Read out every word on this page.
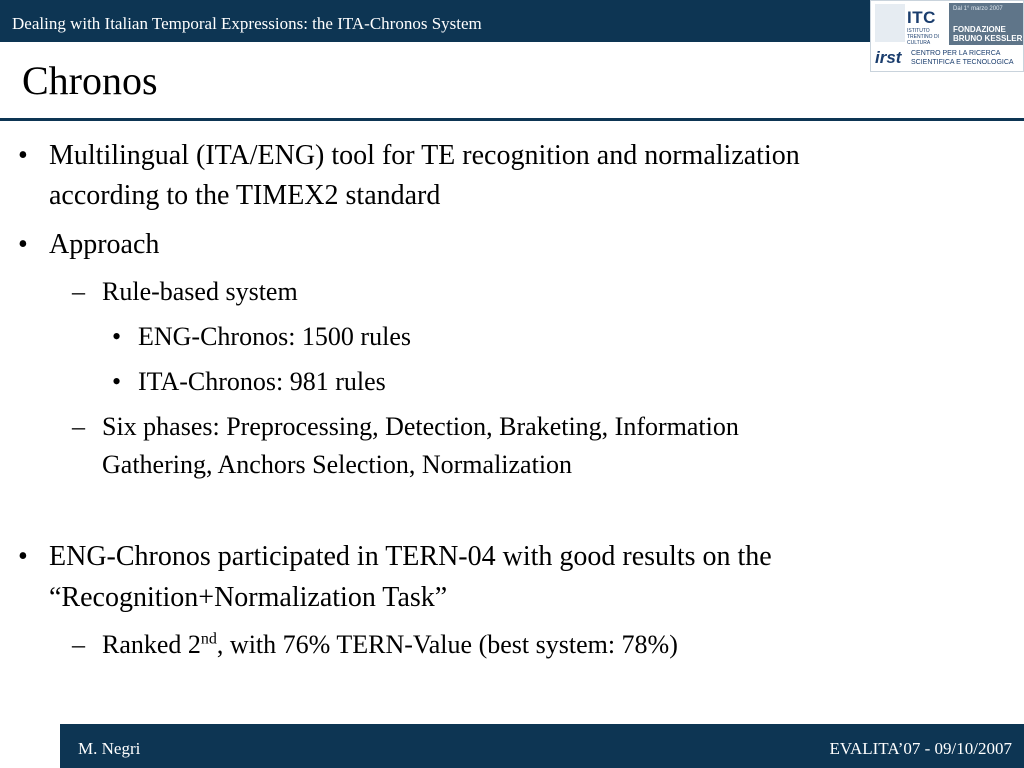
Dealing with Italian Temporal Expressions: the ITA-Chronos System	ITC
ISTITUTO TRENTINO DI CULTURA
Dal 1° marzo 2007
FONDAZIONE
BRUNO KESSLER
irst CENTRO PER LA RICERCA
SCIENTIFICA E TECNOLOGICA
Chronos
• Multilingual (ITA/ENG) tool for TE recognition and normalization
according to the TIMEX2 standard
• Approach
– Rule-based system
• ENG-Chronos: 1500 rules
• ITA-Chronos: 981 rules
– Six phases: Preprocessing, Detection, Braketing, Information
Gathering, Anchors Selection, Normalization
• ENG-Chronos participated in TERN-04 with good results on the
“Recognition+Normalization Task”
– Ranked 2nd, with 76% TERN-Value (best system: 78%)
M. Negri	EVALITA’07 - 09/10/2007
